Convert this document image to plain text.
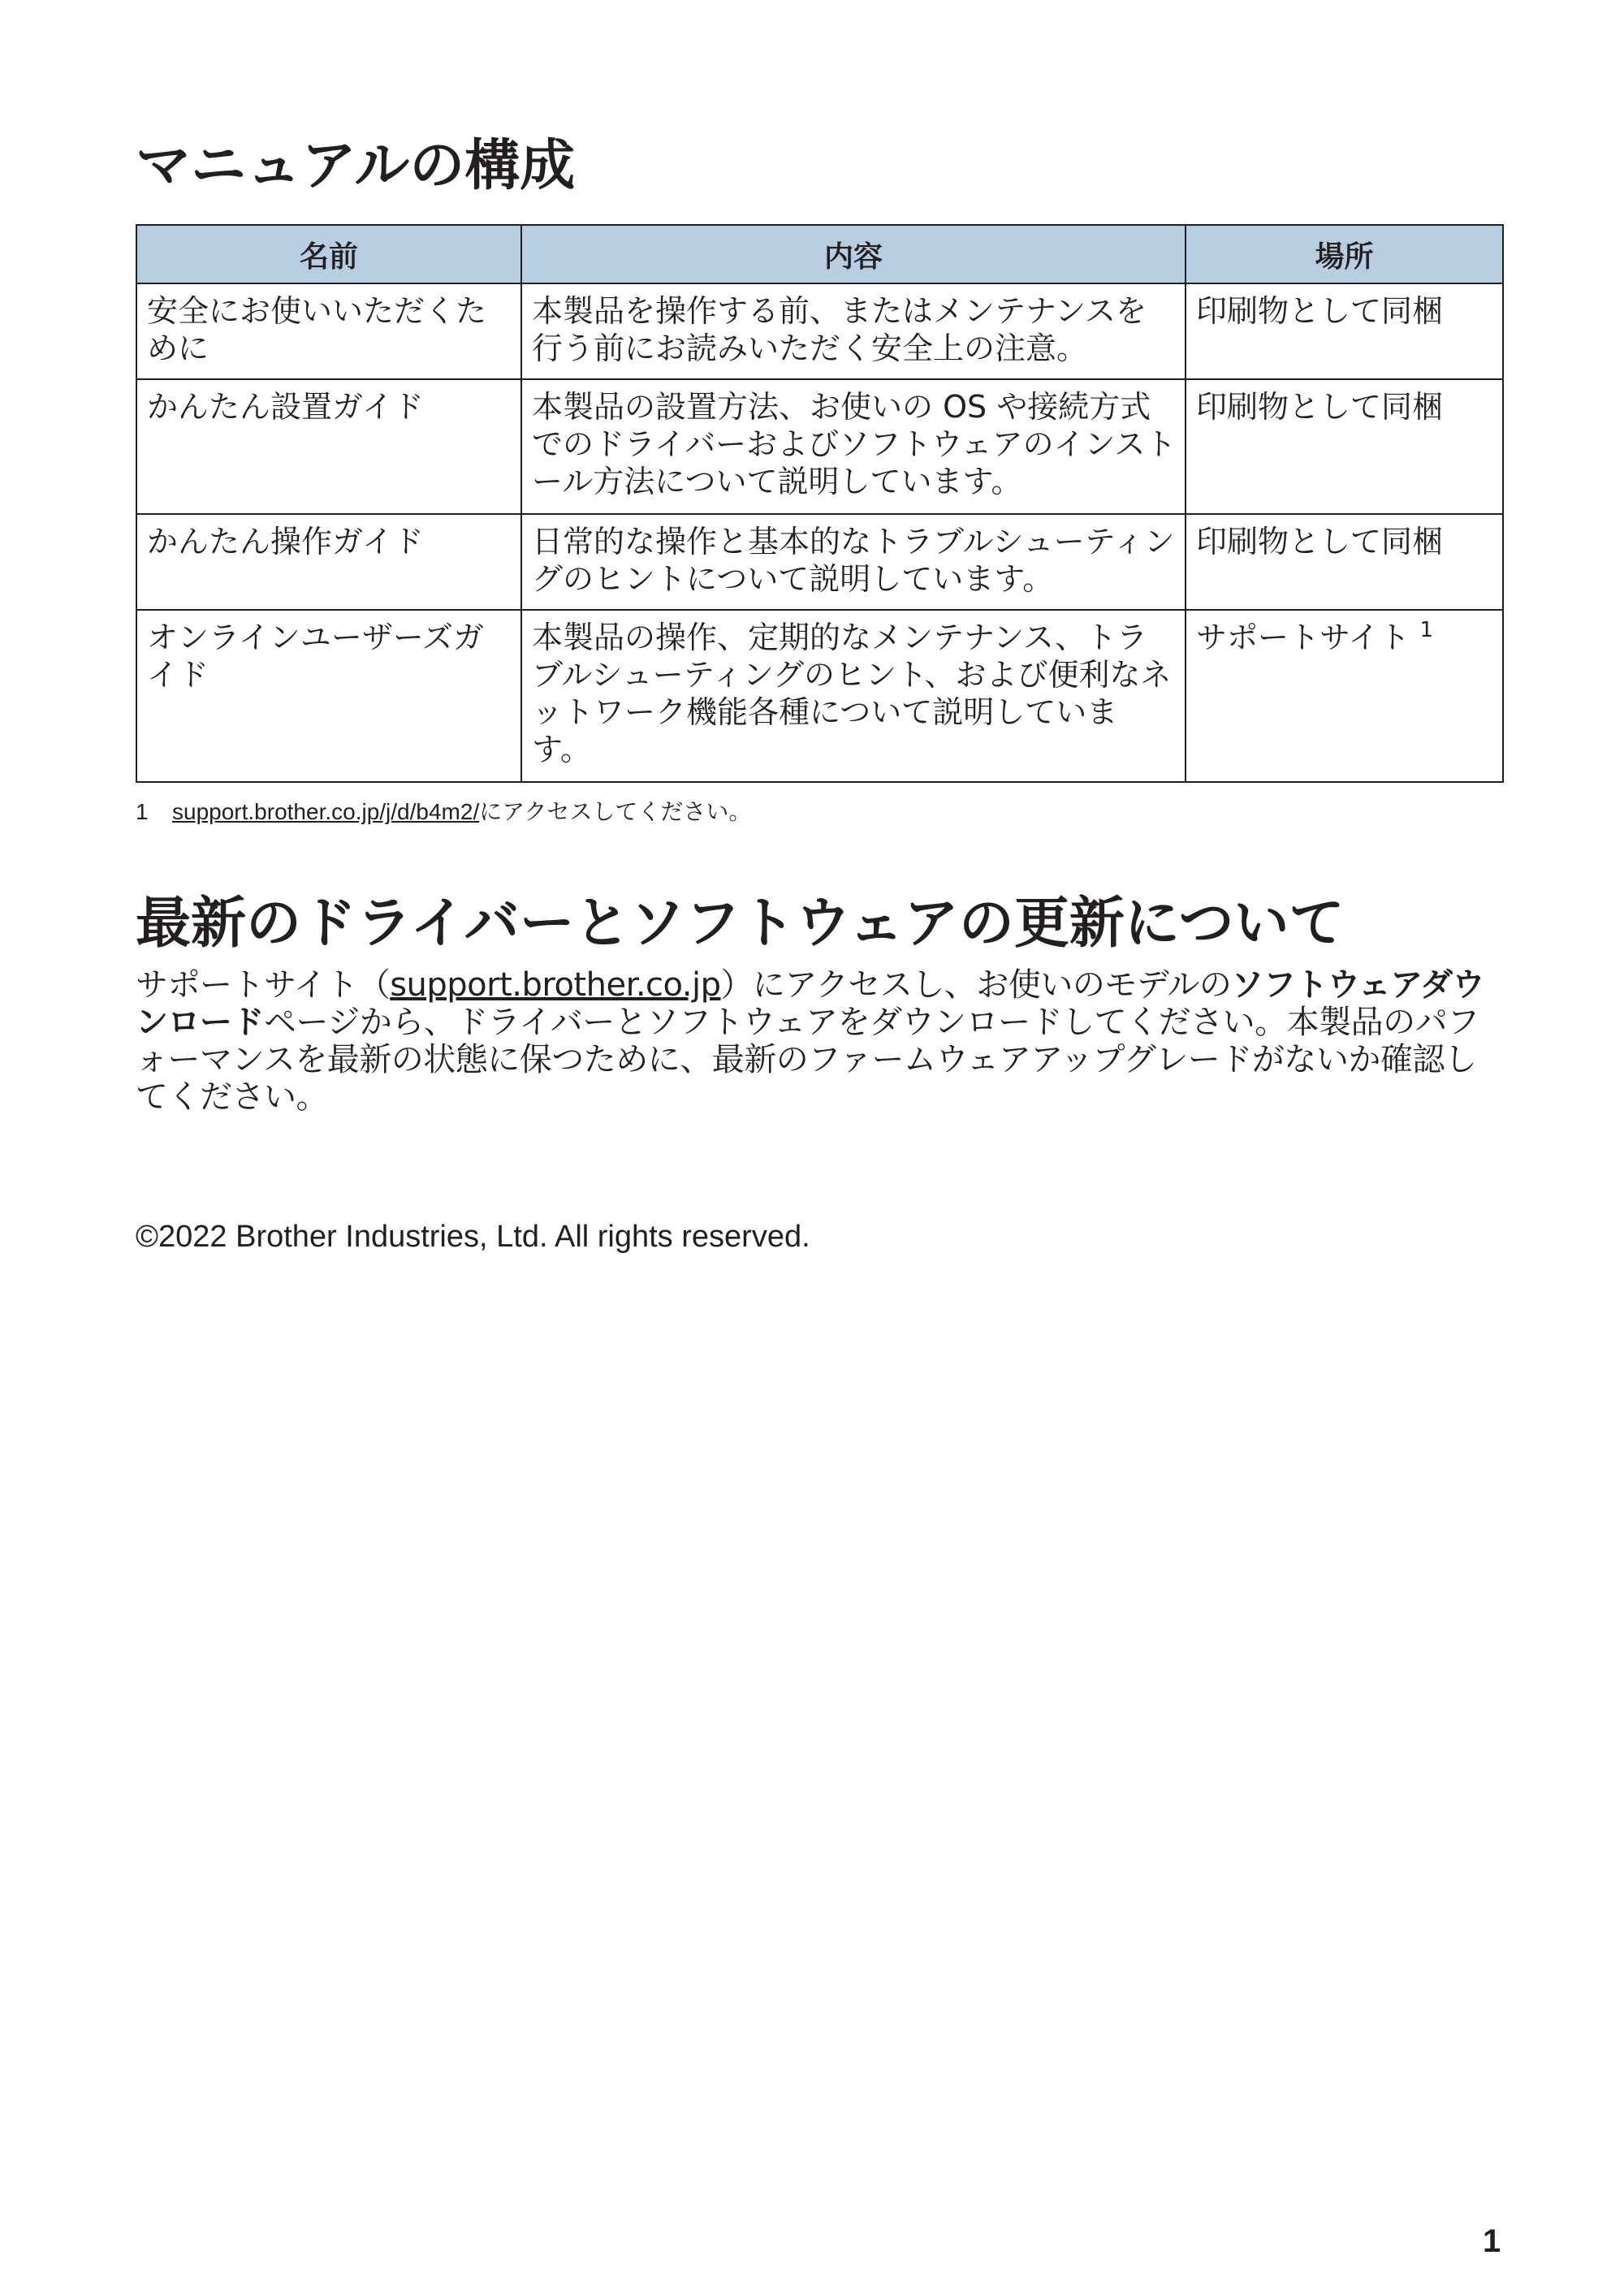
マニュアルの構成
名前	内容	場所
安全にお使いいただくために	本製品を操作する前、またはメンテナンスを行う前にお読みいただく安全上の注意。	印刷物として同梱
かんたん設置ガイド	本製品の設置方法、お使いの OS や接続方式でのドライバーおよびソフトウェアのインストール方法について説明しています。	印刷物として同梱
かんたん操作ガイド	日常的な操作と基本的なトラブルシューティングのヒントについて説明しています。	印刷物として同梱
オンラインユーザーズガイド	本製品の操作、定期的なメンテナンス、トラブルシューティングのヒント、および便利なネットワーク機能各種について説明しています。	サポートサイト $^1$
1 support.brother.co.jp/j/d/b4m2/にアクセスしてください。
最新のドライバーとソフトウェアの更新について
サポートサイト（support.brother.co.jp）にアクセスし、お使いのモデルのソフトウェアダウンロードページから、ドライバーとソフトウェアをダウンロードしてください。本製品のパフォーマンスを最新の状態に保つために、最新のファームウェアアップグレードがないか確認してください。
©2022 Brother Industries, Ltd. All rights reserved.
1
